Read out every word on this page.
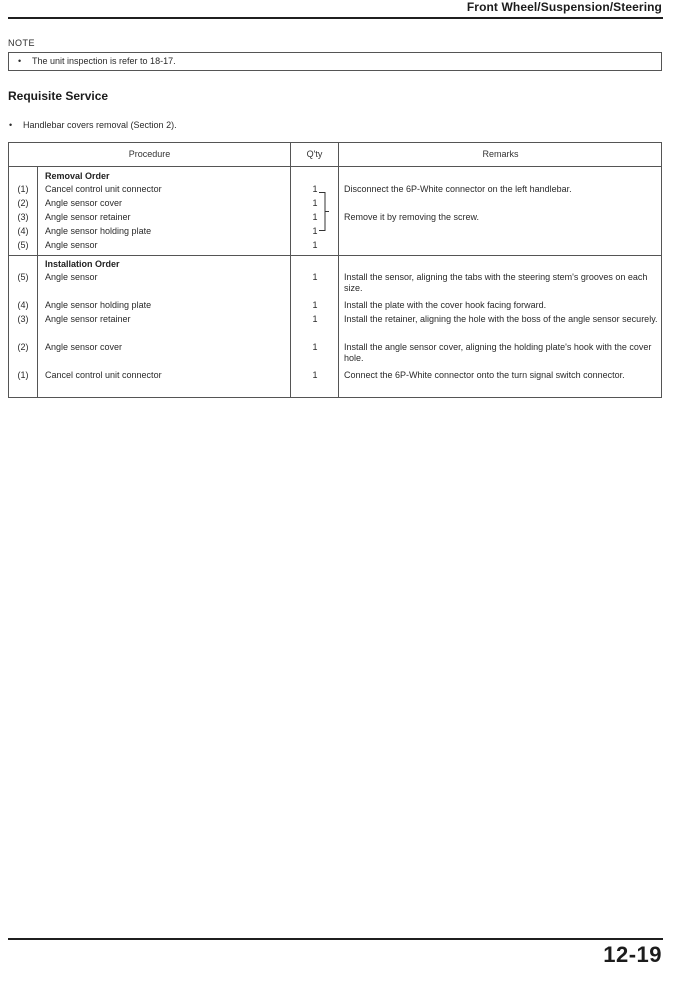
Front Wheel/Suspension/Steering
NOTE
• The unit inspection is refer to 18-17.
Requisite Service
• Handlebar covers removal (Section 2).
Procedure	Q'ty	Remarks
Removal Order
(1)	Cancel control unit connector	1	Disconnect the 6P-White connector on the left handlebar.
(2)	Angle sensor cover	1
(3)	Angle sensor retainer	1	Remove it by removing the screw.
(4)	Angle sensor holding plate	1
(5)	Angle sensor	1
Installation Order
(5)	Angle sensor	1	Install the sensor, aligning the tabs with the steering stem's grooves on each size.
(4)	Angle sensor holding plate	1	Install the plate with the cover hook facing forward.
(3)	Angle sensor retainer	1	Install the retainer, aligning the hole with the boss of the angle sensor securely.
(2)	Angle sensor cover	1	Install the angle sensor cover, aligning the holding plate's hook with the cover hole.
(1)	Cancel control unit connector	1	Connect the 6P-White connector onto the turn signal switch connector.
12-19
